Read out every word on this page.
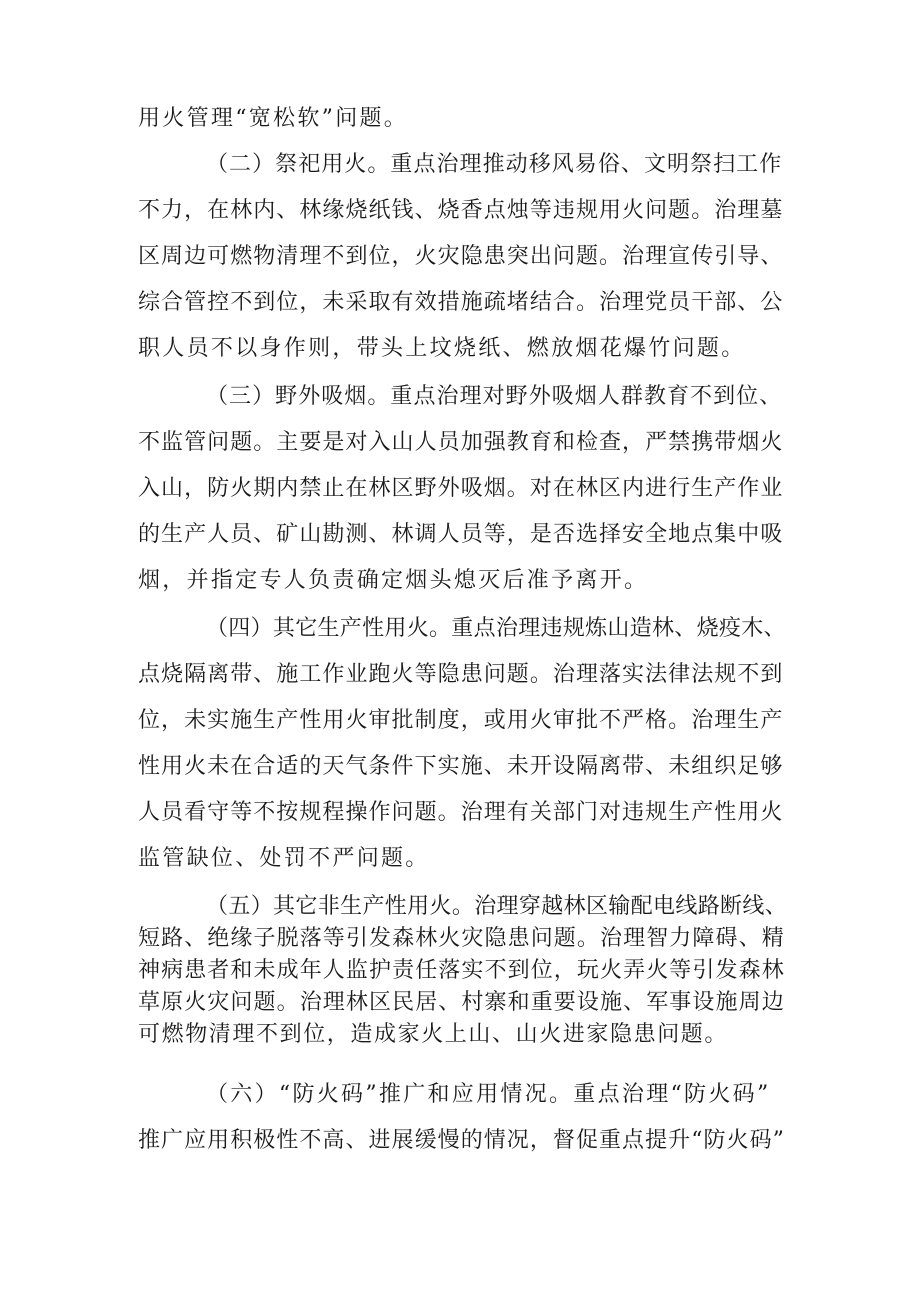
用火管理“宽松软”问题。
（二）祭祀用火。重点治理推动移风易俗、文明祭扫工作
不力，在林内、林缘烧纸钱、烧香点烛等违规用火问题。治理墓
区周边可燃物清理不到位，火灾隐患突出问题。治理宣传引导、
综合管控不到位，未采取有效措施疏堵结合。治理党员干部、公
职人员不以身作则，带头上坟烧纸、燃放烟花爆竹问题。
（三）野外吸烟。重点治理对野外吸烟人群教育不到位、
不监管问题。主要是对入山人员加强教育和检查，严禁携带烟火
入山，防火期内禁止在林区野外吸烟。对在林区内进行生产作业
的生产人员、矿山勘测、林调人员等，是否选择安全地点集中吸
烟，并指定专人负责确定烟头熄灭后准予离开。
（四）其它生产性用火。重点治理违规炼山造林、烧疫木、
点烧隔离带、施工作业跑火等隐患问题。治理落实法律法规不到
位，未实施生产性用火审批制度，或用火审批不严格。治理生产
性用火未在合适的天气条件下实施、未开设隔离带、未组织足够
人员看守等不按规程操作问题。治理有关部门对违规生产性用火
监管缺位、处罚不严问题。
（五）其它非生产性用火。治理穿越林区输配电线路断线、
短路、绝缘子脱落等引发森林火灾隐患问题。治理智力障碍、精
神病患者和未成年人监护责任落实不到位，玩火弄火等引发森林
草原火灾问题。治理林区民居、村寨和重要设施、军事设施周边
可燃物清理不到位，造成家火上山、山火进家隐患问题。
（六）“防火码”推广和应用情况。重点治理“防火码”
推广应用积极性不高、进展缓慢的情况，督促重点提升“防火码”
